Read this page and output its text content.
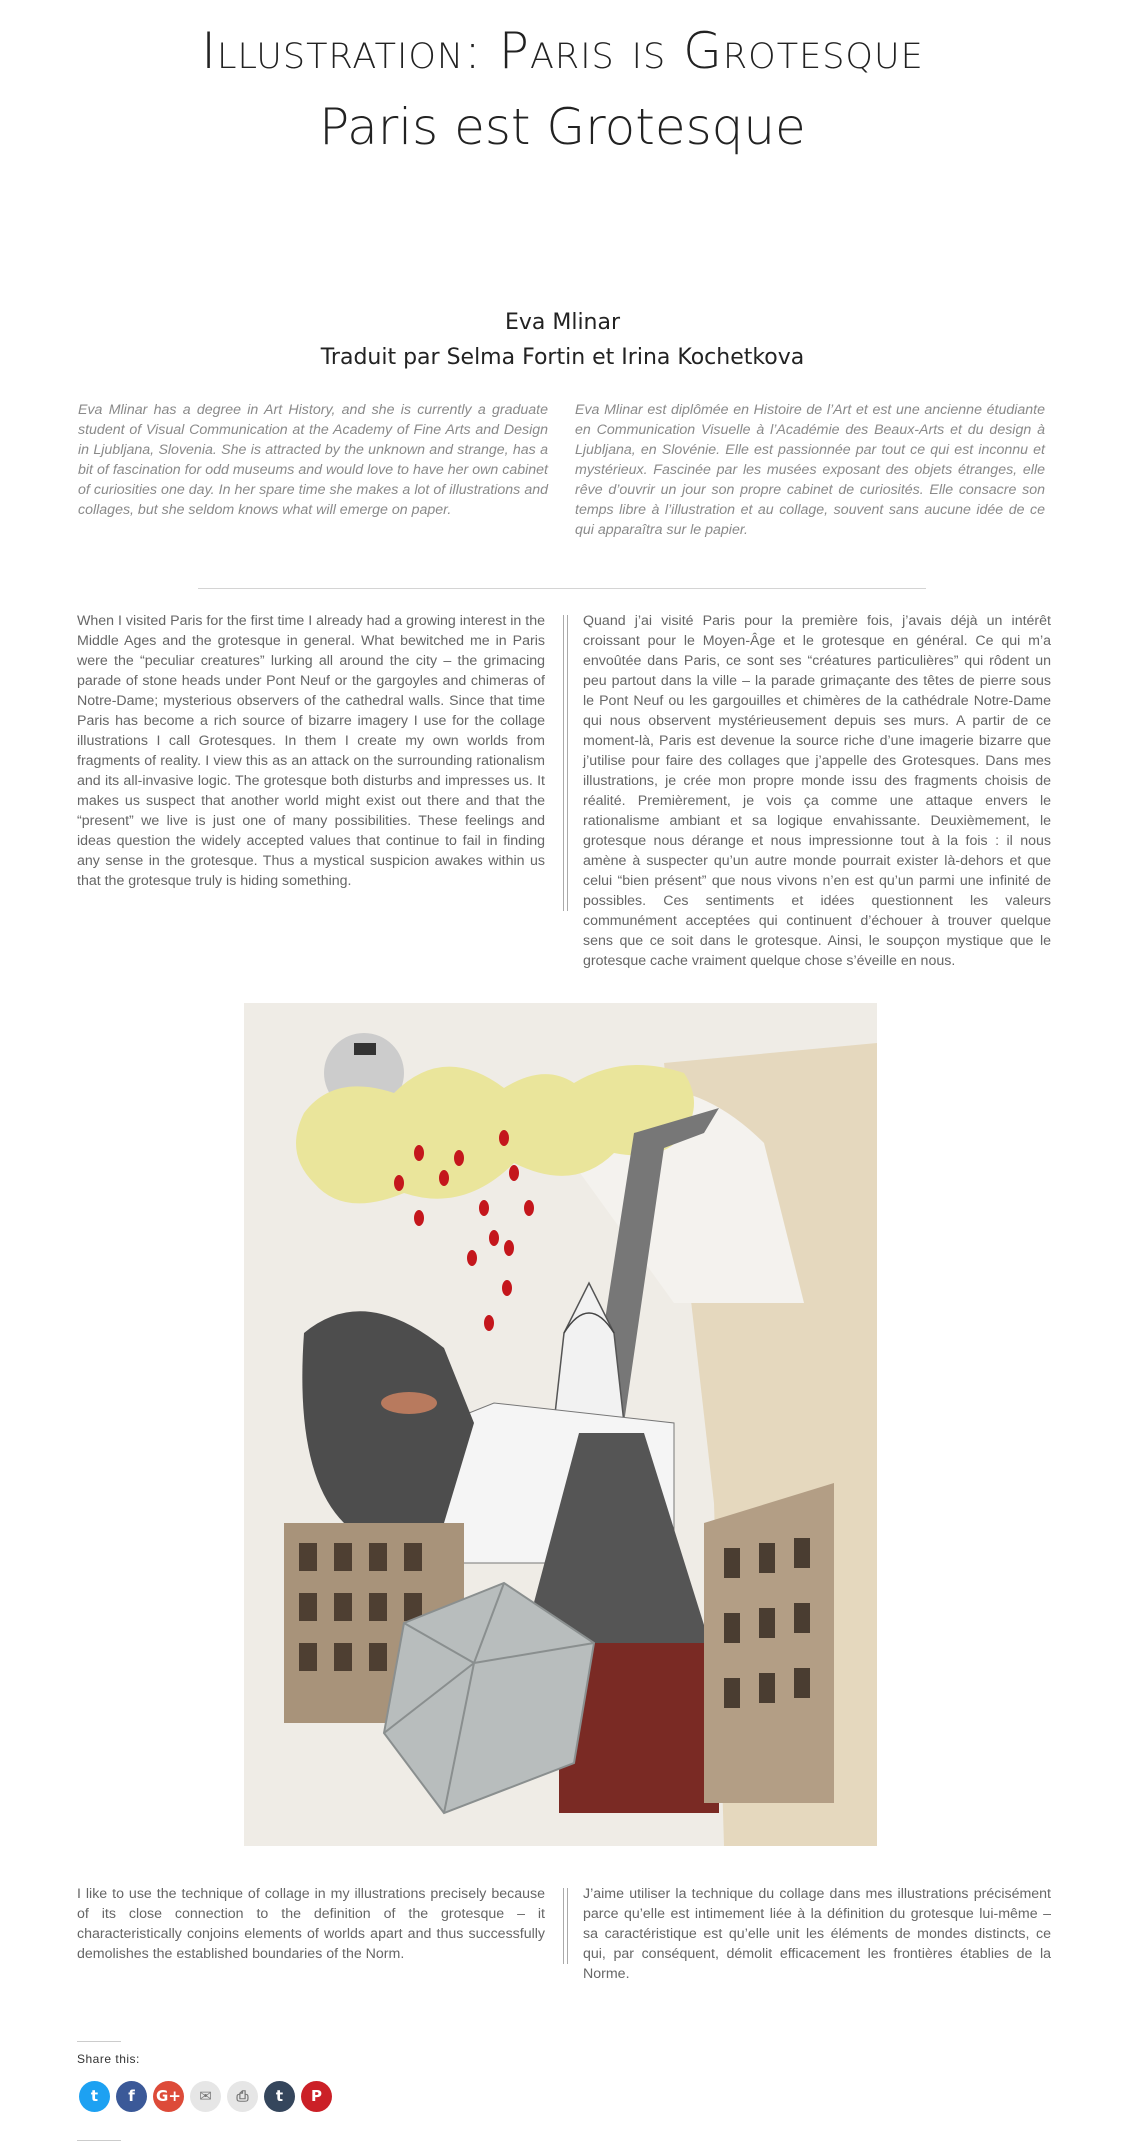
Illustration: Paris is Grotesque
Paris est Grotesque
Eva Mlinar
Traduit par Selma Fortin et Irina Kochetkova

Eva Mlinar has a degree in Art History, and she is currently a graduate student of Visual Communication at the Academy of Fine Arts and Design in Ljubljana, Slovenia. She is attracted by the unknown and strange, has a bit of fascination for odd museums and would love to have her own cabinet of curiosities one day. In her spare time she makes a lot of illustrations and collages, but she seldom knows what will emerge on paper.

Eva Mlinar est diplômée en Histoire de l’Art et est une ancienne étudiante en Communication Visuelle à l’Académie des Beaux-Arts et du design à Ljubljana, en Slovénie. Elle est passionnée par tout ce qui est inconnu et mystérieux. Fascinée par les musées exposant des objets étranges, elle rêve d’ouvrir un jour son propre cabinet de curiosités. Elle consacre son temps libre à l’illustration et au collage, souvent sans aucune idée de ce qui apparaîtra sur le papier.

When I visited Paris for the first time I already had a growing interest in the Middle Ages and the grotesque in general. What bewitched me in Paris were the “peculiar creatures” lurking all around the city – the grimacing parade of stone heads under Pont Neuf or the gargoyles and chimeras of Notre-Dame; mysterious observers of the cathedral walls. Since that time Paris has become a rich source of bizarre imagery I use for the collage illustrations I call Grotesques. In them I create my own worlds from fragments of reality. I view this as an attack on the surrounding rationalism and its all-invasive logic. The grotesque both disturbs and impresses us. It makes us suspect that another world might exist out there and that the “present” we live is just one of many possibilities. These feelings and ideas question the widely accepted values that continue to fail in finding any sense in the grotesque. Thus a mystical suspicion awakes within us that the grotesque truly is hiding something.

Quand j’ai visité Paris pour la première fois, j’avais déjà un intérêt croissant pour le Moyen-Âge et le grotesque en général. Ce qui m’a envoûtée dans Paris, ce sont ses “créatures particulières” qui rôdent un peu partout dans la ville – la parade grimaçante des têtes de pierre sous le Pont Neuf ou les gargouilles et chimères de la cathédrale Notre-Dame qui nous observent mystérieusement depuis ses murs. A partir de ce moment-là, Paris est devenue la source riche d’une imagerie bizarre que j’utilise pour faire des collages que j’appelle des Grotesques. Dans mes illustrations, je crée mon propre monde issu des fragments choisis de réalité. Premièrement, je vois ça comme une attaque envers le rationalisme ambiant et sa logique envahissante. Deuxièmement, le grotesque nous dérange et nous impressionne tout à la fois : il nous amène à suspecter qu’un autre monde pourrait exister là-dehors et que celui “bien présent” que nous vivons n’en est qu’un parmi une infinité de possibles. Ces sentiments et idées questionnent les valeurs communément acceptées qui continuent d’échouer à trouver quelque sens que ce soit dans le grotesque. Ainsi, le soupçon mystique que le grotesque cache vraiment quelque chose s’éveille en nous.

I like to use the technique of collage in my illustrations precisely because of its close connection to the definition of the grotesque – it characteristically conjoins elements of worlds apart and thus successfully demolishes the established boundaries of the Norm.

J’aime utiliser la technique du collage dans mes illustrations précisément parce qu’elle est intimement liée à la définition du grotesque lui-même – sa caractéristique est qu’elle unit les éléments de mondes distincts, ce qui, par conséquent, démolit efficacement les frontières établies de la Norme.

Share this:
t	f	G+	✉	⎙	t	P
